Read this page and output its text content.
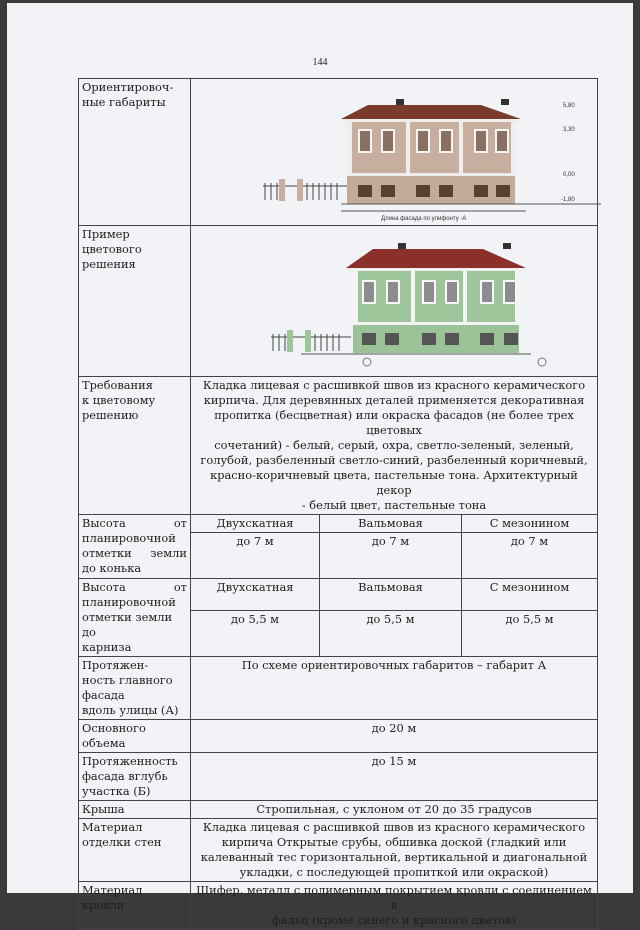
144
Ориентировоч-
ные габариты

Длина фасада по улифонту -А
5,80
3,30
0,00
-1,80

Пример
цветового
решения

Требования
к цветовому
решению

Кладка лицевая с расшивкой швов из красного керамического
кирпича. Для деревянных деталей применяется декоративная
пропитка (бесцветная) или окраска фасадов (не более трех цветовых
сочетаний) - белый, серый, охра, светло-зеленый, зеленый,
голубой, разбеленный светло-синий, разбеленный коричневый,
красно-коричневый цвета, пастельные тона. Архитектурный декор
- белый цвет, пастельные тона

Высота	от
планировочной
отметки земли
до конька
	Двухскатная	Вальмовая	С мезонином
	до 7 м	до 7 м	до 7 м

Высота от
планировочной
отметки земли до
карниза	Двухскатная	Вальмовая	С мезонином
	до 5,5 м	до 5,5 м	до 5,5 м

Протяжен-
ность главного
фасада
вдоль улицы (А)	По схеме ориентировочных габаритов – габарит А		
Основного объема	до 20 м		

Протяженность
фасада вглубь
участка (Б)	до 15 м		
Крыша	Стропильная, с уклоном от 20 до 35 градусов		

Материал
отделки стен

Кладка лицевая с расшивкой швов из красного керамического
кирпича Открытые срубы, обшивка доской (гладкий или
калеванный тес горизонтальной, вертикальной и диагональной
укладки, с последующей пропиткой или окраской)

Материал кровли	Шифер, металл с полимерным покрытием кровли с соединением в
фальц (кроме синего и красного цветов)		
